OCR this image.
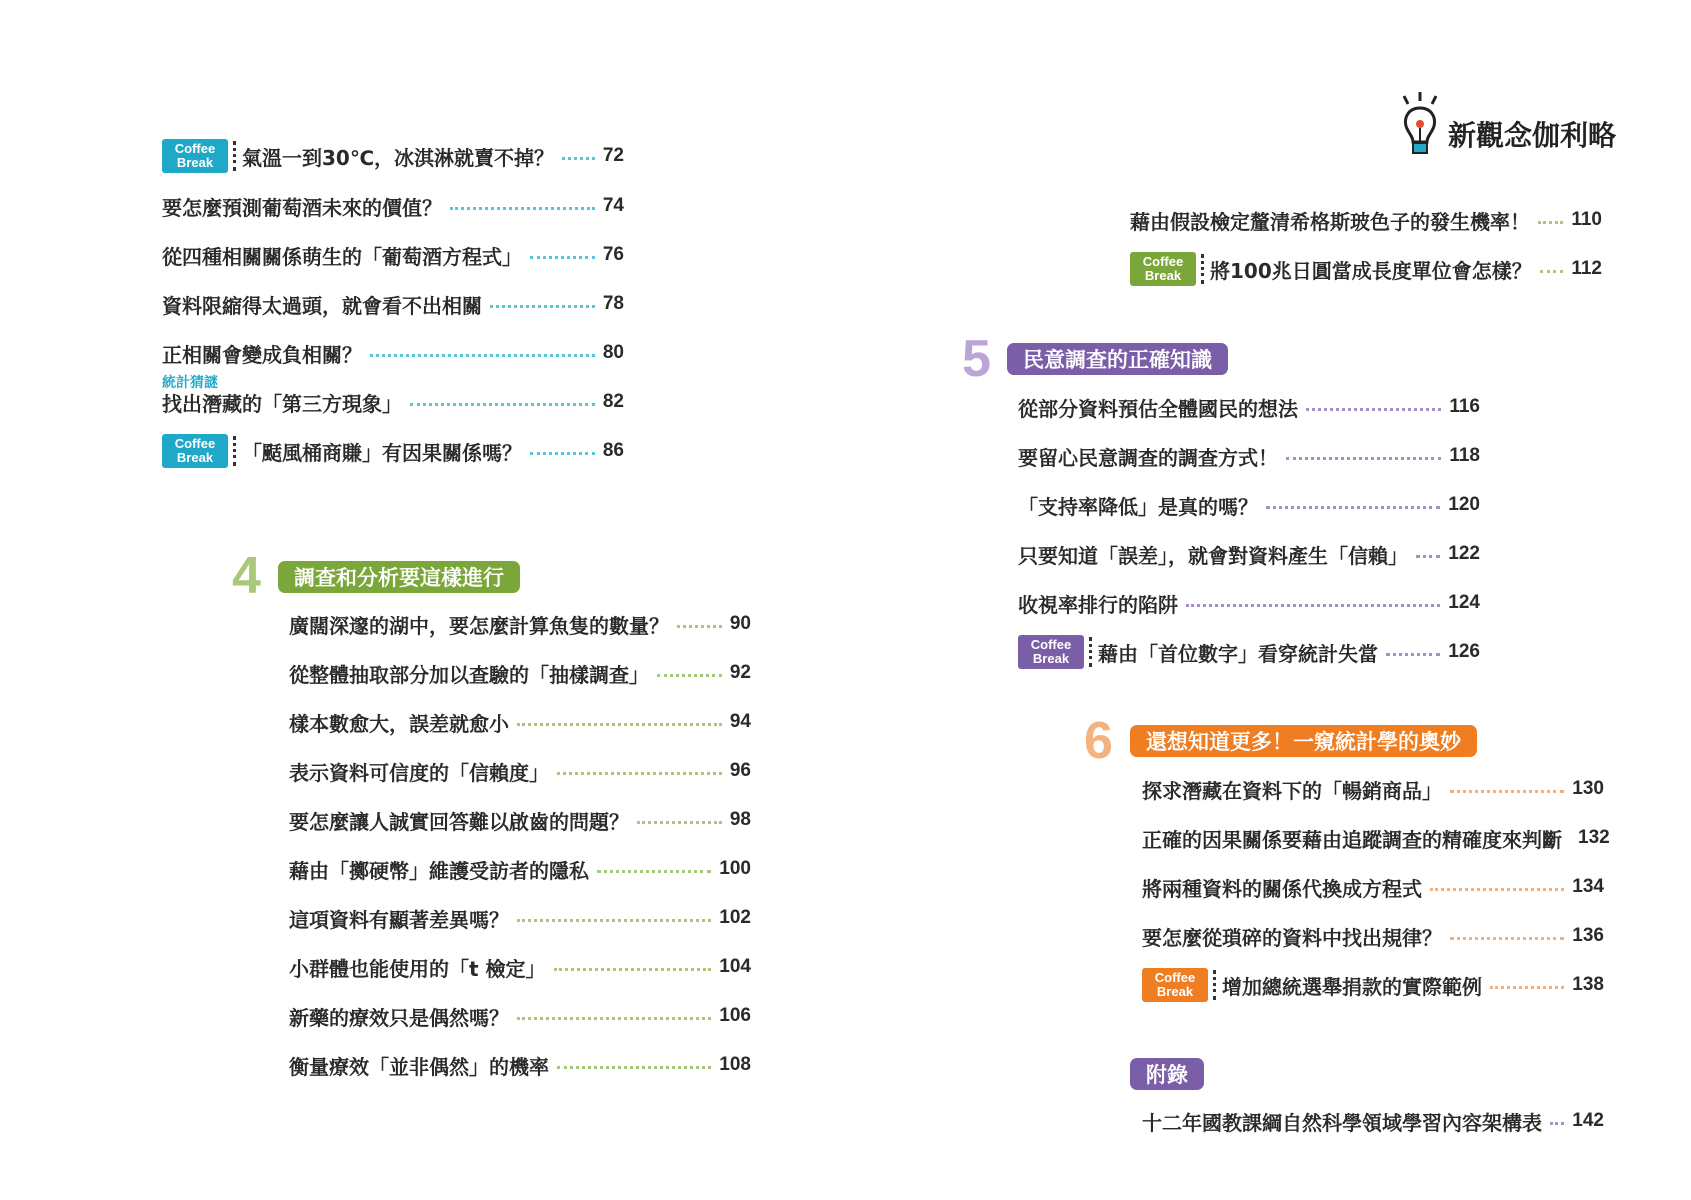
新觀念伽利略
Coffee
Break	氣溫一到30℃，冰淇淋就賣不掉？	72
要怎麼預測葡萄酒未來的價值？	74
從四種相關關係萌生的「葡萄酒方程式」	76
資料限縮得太過頭，就會看不出相關	78
正相關會變成負相關？	80
統計猜謎
找出潛藏的「第三方現象」	82
Coffee
Break	「颳風桶商賺」有因果關係嗎？	86
4	調查和分析要這樣進行
廣闊深邃的湖中，要怎麼計算魚隻的數量？	90
從整體抽取部分加以查驗的「抽樣調查」	92
樣本數愈大，誤差就愈小	94
表示資料可信度的「信賴度」	96
要怎麼讓人誠實回答難以啟齒的問題？	98
藉由「擲硬幣」維護受訪者的隱私	100
這項資料有顯著差異嗎？	102
小群體也能使用的「t 檢定」	104
新藥的療效只是偶然嗎？	106
衡量療效「並非偶然」的機率	108
藉由假設檢定釐清希格斯玻色子的發生機率！ 110
Coffee
Break	將100兆日圓當成長度單位會怎樣？ 112
5	民意調查的正確知識
從部分資料預估全體國民的想法	116
要留心民意調查的調查方式！	118
「支持率降低」是真的嗎？	120
只要知道「誤差」，就會對資料產生「信賴」 122
收視率排行的陷阱	124
Coffee
Break	藉由「首位數字」看穿統計失當	126
6	還想知道更多！一窺統計學的奧妙
探求潛藏在資料下的「暢銷商品」	130
正確的因果關係要藉由追蹤調查的精確度來判斷 132
將兩種資料的關係代換成方程式	134
要怎麼從瑣碎的資料中找出規律？	136
Coffee
Break	增加總統選舉捐款的實際範例	138
附錄
十二年國教課綱自然科學領域學習內容架構表 142
